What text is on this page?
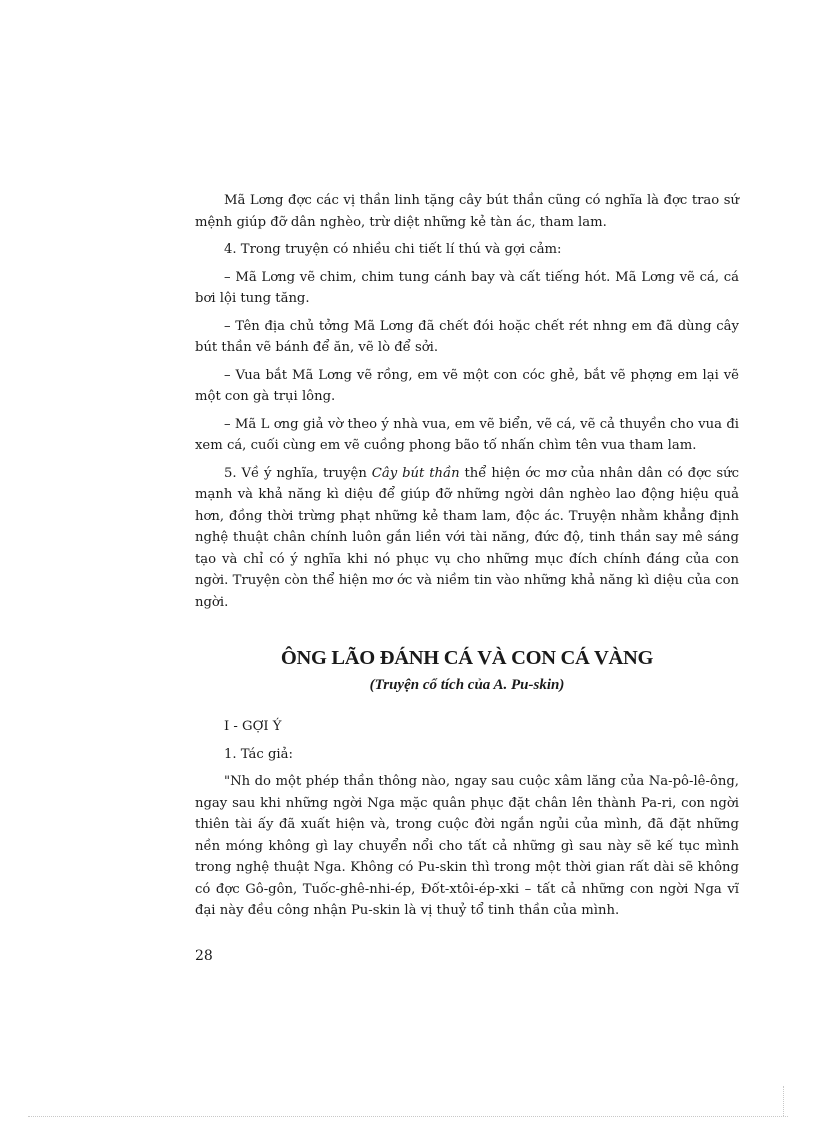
Mã Lơng đợc các vị thần linh tặng cây bút thần cũng có nghĩa là đợc trao sứ mệnh giúp đỡ dân nghèo, trừ diệt những kẻ tàn ác, tham lam.

4. Trong truyện có nhiều chi tiết lí thú và gợi cảm:

– Mã Lơng vẽ chim, chim tung cánh bay và cất tiếng hót. Mã Lơng vẽ cá, cá bơi lội tung tăng.

– Tên địa chủ tởng Mã Lơng đã chết đói hoặc chết rét nhng em đã dùng cây bút thần vẽ bánh để ăn, vẽ lò để sởi.

– Vua bắt Mã Lơng vẽ rồng, em vẽ một con cóc ghẻ, bắt vẽ phợng em lại vẽ một con gà trụi lông.

– Mã L ơng giả vờ theo ý nhà vua, em vẽ biển, vẽ cá, vẽ cả thuyền cho vua đi xem cá, cuối cùng em vẽ cuồng phong bão tố nhấn chìm tên vua tham lam.

5. Về ý nghĩa, truyện Cây bút thần thể hiện ớc mơ của nhân dân có đợc sức mạnh và khả năng kì diệu để giúp đỡ những ngời dân nghèo lao động hiệu quả hơn, đồng thời trừng phạt những kẻ tham lam, độc ác. Truyện nhằm khẳng định nghệ thuật chân chính luôn gắn liền với tài năng, đức độ, tinh thần say mê sáng tạo và chỉ có ý nghĩa khi nó phục vụ cho những mục đích chính đáng của con ngời. Truyện còn thể hiện mơ ớc và niềm tin vào những khả năng kì diệu của con ngời.

ÔNG LÃO ĐÁNH CÁ VÀ CON CÁ VÀNG
(Truyện cổ tích của A. Pu-skin)

I - GỢI Ý

1. Tác giả:

"Nh do một phép thần thông nào, ngay sau cuộc xâm lăng của Na-pô-lê-ông, ngay sau khi những ngời Nga mặc quân phục đặt chân lên thành Pa-ri, con ngời thiên tài ấy đã xuất hiện và, trong cuộc đời ngắn ngủi của mình, đã đặt những nền móng không gì lay chuyển nổi cho tất cả những gì sau này sẽ kế tục mình trong nghệ thuật Nga. Không có Pu-skin thì trong một thời gian rất dài sẽ không có đợc Gô-gôn, Tuốc-ghê-nhi-ép, Đốt-xtôi-ép-xki – tất cả những con ngời Nga vĩ đại này đều công nhận Pu-skin là vị thuỷ tổ tinh thần của mình.

28
